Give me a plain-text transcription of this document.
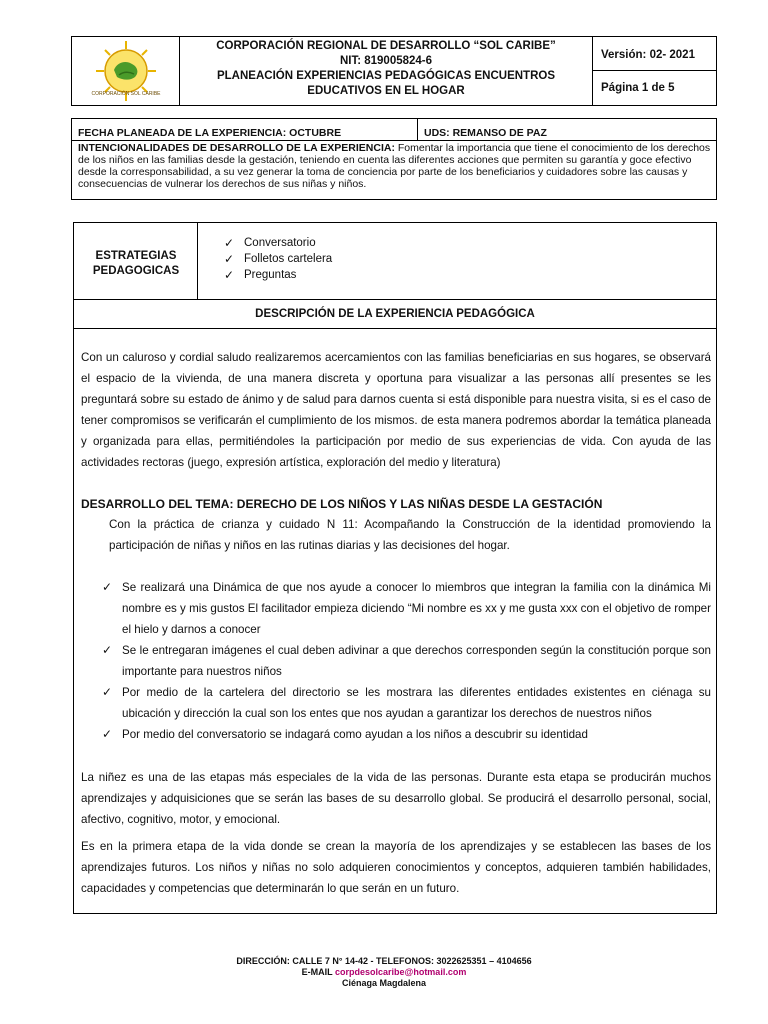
CORPORACIÓN SOL CARIBE
CORPORACIÓN REGIONAL DE DESARROLLO “SOL CARIBE”
NIT: 819005824-6
PLANEACIÓN EXPERIENCIAS PEDAGÓGICAS ENCUENTROS EDUCATIVOS EN EL HOGAR
Versión: 02- 2021
Página 1 de 5
FECHA PLANEADA DE LA EXPERIENCIA: OCTUBRE	UDS: REMANSO DE PAZ
INTENCIONALIDADES DE DESARROLLO DE LA EXPERIENCIA: Fomentar la importancia que tiene el conocimiento de los derechos de los niños en las familias desde la gestación, teniendo en cuenta las diferentes acciones que permiten su garantía y goce efectivo desde la corresponsabilidad, a su vez generar la toma de conciencia por parte de los beneficiarios y cuidadores sobre las causas y consecuencias de vulnerar los derechos de sus niñas y niños.
ESTRATEGIAS PEDAGOGICAS
✓ Conversatorio
✓ Folletos cartelera
✓ Preguntas
DESCRIPCIÓN DE LA EXPERIENCIA PEDAGÓGICA
Con un caluroso y cordial saludo realizaremos acercamientos con las familias beneficiarias en sus hogares, se observará el espacio de la vivienda, de una manera discreta y oportuna para visualizar a las personas allí presentes se les preguntará sobre su estado de ánimo y de salud para darnos cuenta si está disponible para nuestra visita, si es el caso de tener compromisos se verificarán el cumplimiento de los mismos. de esta manera podremos abordar la temática planeada y organizada para ellas, permitiéndoles la participación por medio de sus experiencias de vida. Con ayuda de las actividades rectoras (juego, expresión artística, exploración del medio y literatura)
DESARROLLO DEL TEMA: DERECHO DE LOS NIÑOS Y LAS NIÑAS DESDE LA GESTACIÓN
Con la práctica de crianza y cuidado N 11: Acompañando la Construcción de la identidad promoviendo la participación de niñas y niños en las rutinas diarias y las decisiones del hogar.
✓ Se realizará una Dinámica de que nos ayude a conocer lo miembros que integran la familia con la dinámica Mi nombre es y mis gustos El facilitador empieza diciendo “Mi nombre es xx y me gusta xxx con el objetivo de romper el hielo y darnos a conocer
✓ Se le entregaran imágenes el cual deben adivinar a que derechos corresponden según la constitución porque son importante para nuestros niños
✓ Por medio de la cartelera del directorio se les mostrara las diferentes entidades existentes en ciénaga su ubicación y dirección la cual son los entes que nos ayudan a garantizar los derechos de nuestros niños
✓ Por medio del conversatorio se indagará como ayudan a los niños a descubrir su identidad
La niñez es una de las etapas más especiales de la vida de las personas. Durante esta etapa se producirán muchos aprendizajes y adquisiciones que se serán las bases de su desarrollo global. Se producirá el desarrollo personal, social, afectivo, cognitivo, motor, y emocional.
Es en la primera etapa de la vida donde se crean la mayoría de los aprendizajes y se establecen las bases de los aprendizajes futuros. Los niños y niñas no solo adquieren conocimientos y conceptos, adquieren también habilidades, capacidades y competencias que determinarán lo que serán en un futuro.
DIRECCIÓN: CALLE 7 N° 14-42 - TELEFONOS: 3022625351 – 4104656
E-MAIL corpdesolcaribe@hotmail.com
Ciénaga Magdalena
